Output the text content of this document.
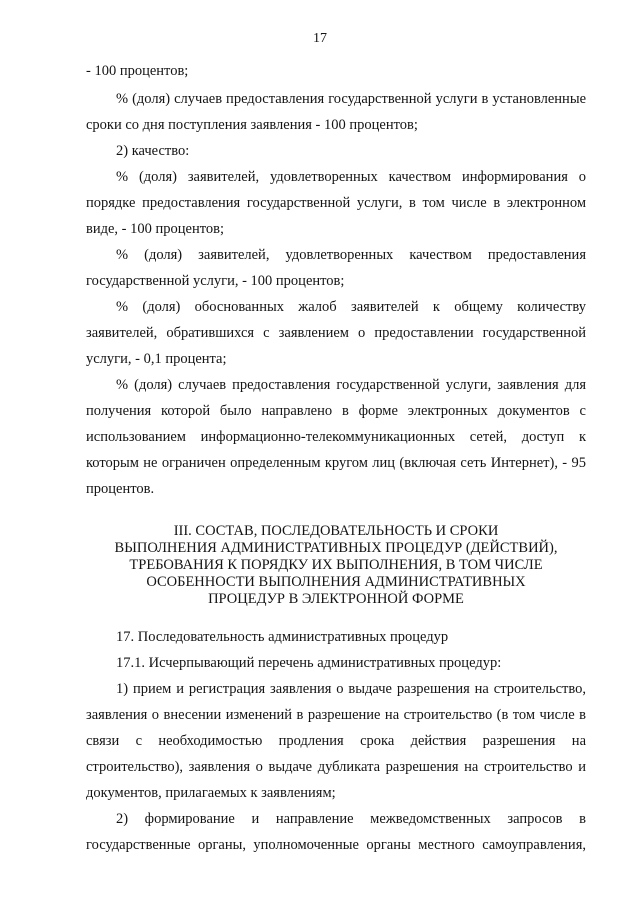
17
- 100 процентов;
% (доля) случаев предоставления государственной услуги в установленные
сроки со дня поступления заявления - 100 процентов;
2) качество:
% (доля) заявителей, удовлетворенных качеством информирования о
порядке предоставления государственной услуги, в том числе в электронном
виде, - 100 процентов;
% (доля) заявителей, удовлетворенных качеством предоставления
государственной услуги, - 100 процентов;
% (доля) обоснованных жалоб заявителей к общему количеству
заявителей, обратившихся с заявлением о предоставлении государственной
услуги, - 0,1 процента;
% (доля) случаев предоставления государственной услуги, заявления для
получения которой было направлено в форме электронных документов с
использованием информационно-телекоммуникационных сетей, доступ к
которым не ограничен определенным кругом лиц (включая сеть Интернет), - 95
процентов.
III. СОСТАВ, ПОСЛЕДОВАТЕЛЬНОСТЬ И СРОКИ
ВЫПОЛНЕНИЯ АДМИНИСТРАТИВНЫХ ПРОЦЕДУР (ДЕЙСТВИЙ),
ТРЕБОВАНИЯ К ПОРЯДКУ ИХ ВЫПОЛНЕНИЯ, В ТОМ ЧИСЛЕ
ОСОБЕННОСТИ ВЫПОЛНЕНИЯ АДМИНИСТРАТИВНЫХ
ПРОЦЕДУР В ЭЛЕКТРОННОЙ ФОРМЕ
17. Последовательность административных процедур
17.1. Исчерпывающий перечень административных процедур:
1) прием и регистрация заявления о выдаче разрешения на строительство,
заявления о внесении изменений в разрешение на строительство (в том числе в
связи с необходимостью продления срока действия разрешения на
строительство), заявления о выдаче дубликата разрешения на строительство и
документов, прилагаемых к заявлениям;
2) формирование и направление межведомственных запросов в
государственные органы, уполномоченные органы местного самоуправления,
